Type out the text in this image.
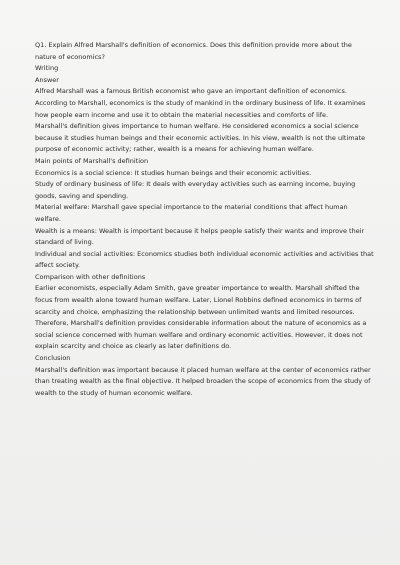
Q1. Explain Alfred Marshall's definition of economics. Does this definition provide more about the nature of economics?

Writing

Answer

Alfred Marshall was a famous British economist who gave an important definition of economics. According to Marshall, economics is the study of mankind in the ordinary business of life. It examines how people earn income and use it to obtain the material necessities and comforts of life.

Marshall's definition gives importance to human welfare. He considered economics a social science because it studies human beings and their economic activities. In his view, wealth is not the ultimate purpose of economic activity; rather, wealth is a means for achieving human welfare.

Main points of Marshall's definition

Economics is a social science: It studies human beings and their economic activities.

Study of ordinary business of life: It deals with everyday activities such as earning income, buying goods, saving and spending.

Material welfare: Marshall gave special importance to the material conditions that affect human welfare.

Wealth is a means: Wealth is important because it helps people satisfy their wants and improve their standard of living.

Individual and social activities: Economics studies both individual economic activities and activities that affect society.

Comparison with other definitions

Earlier economists, especially Adam Smith, gave greater importance to wealth. Marshall shifted the focus from wealth alone toward human welfare. Later, Lionel Robbins defined economics in terms of scarcity and choice, emphasizing the relationship between unlimited wants and limited resources.

Therefore, Marshall's definition provides considerable information about the nature of economics as a social science concerned with human welfare and ordinary economic activities. However, it does not explain scarcity and choice as clearly as later definitions do.

Conclusion

Marshall's definition was important because it placed human welfare at the center of economics rather than treating wealth as the final objective. It helped broaden the scope of economics from the study of wealth to the study of human economic welfare.
